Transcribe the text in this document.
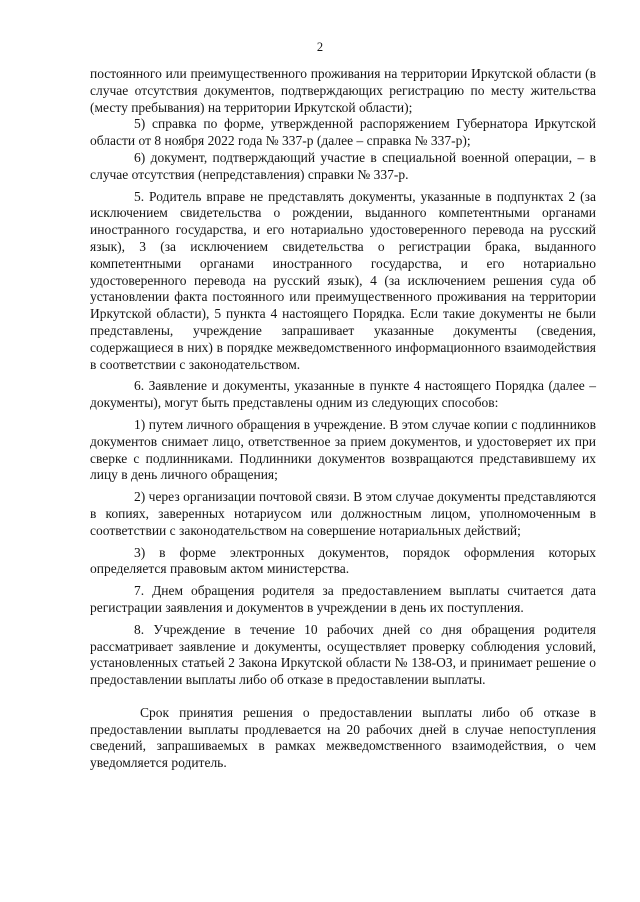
2

постоянного или преимущественного проживания на территории Иркутской области (в случае отсутствия документов, подтверждающих регистрацию по месту жительства (месту пребывания) на территории Иркутской области);

5) справка по форме, утвержденной распоряжением Губернатора Иркутской области от 8 ноября 2022 года № 337-р (далее – справка № 337-р);

6) документ, подтверждающий участие в специальной военной операции, – в случае отсутствия (непредставления) справки № 337-р.

5. Родитель вправе не представлять документы, указанные в подпунктах 2 (за исключением свидетельства о рождении, выданного компетентными органами иностранного государства, и его нотариально удостоверенного перевода на русский язык), 3 (за исключением свидетельства о регистрации брака, выданного компетентными органами иностранного государства, и его нотариально удостоверенного перевода на русский язык), 4 (за исключением решения суда об установлении факта постоянного или преимущественного проживания на территории Иркутской области), 5 пункта 4 настоящего Порядка. Если такие документы не были представлены, учреждение запрашивает указанные документы (сведения, содержащиеся в них) в порядке межведомственного информационного взаимодействия в соответствии с законодательством.

6. Заявление и документы, указанные в пункте 4 настоящего Порядка (далее – документы), могут быть представлены одним из следующих способов:

1) путем личного обращения в учреждение. В этом случае копии с подлинников документов снимает лицо, ответственное за прием документов, и удостоверяет их при сверке с подлинниками. Подлинники документов возвращаются представившему их лицу в день личного обращения;

2) через организации почтовой связи. В этом случае документы представляются в копиях, заверенных нотариусом или должностным лицом, уполномоченным в соответствии с законодательством на совершение нотариальных действий;

3) в форме электронных документов, порядок оформления которых определяется правовым актом министерства.

7. Днем обращения родителя за предоставлением выплаты считается дата регистрации заявления и документов в учреждении в день их поступления.

8. Учреждение в течение 10 рабочих дней со дня обращения родителя рассматривает заявление и документы, осуществляет проверку соблюдения условий, установленных статьей 2 Закона Иркутской области № 138-ОЗ, и принимает решение о предоставлении выплаты либо об отказе в предоставлении выплаты.

Срок принятия решения о предоставлении выплаты либо об отказе в предоставлении выплаты продлевается на 20 рабочих дней в случае непоступления сведений, запрашиваемых в рамках межведомственного взаимодействия, о чем уведомляется родитель.
